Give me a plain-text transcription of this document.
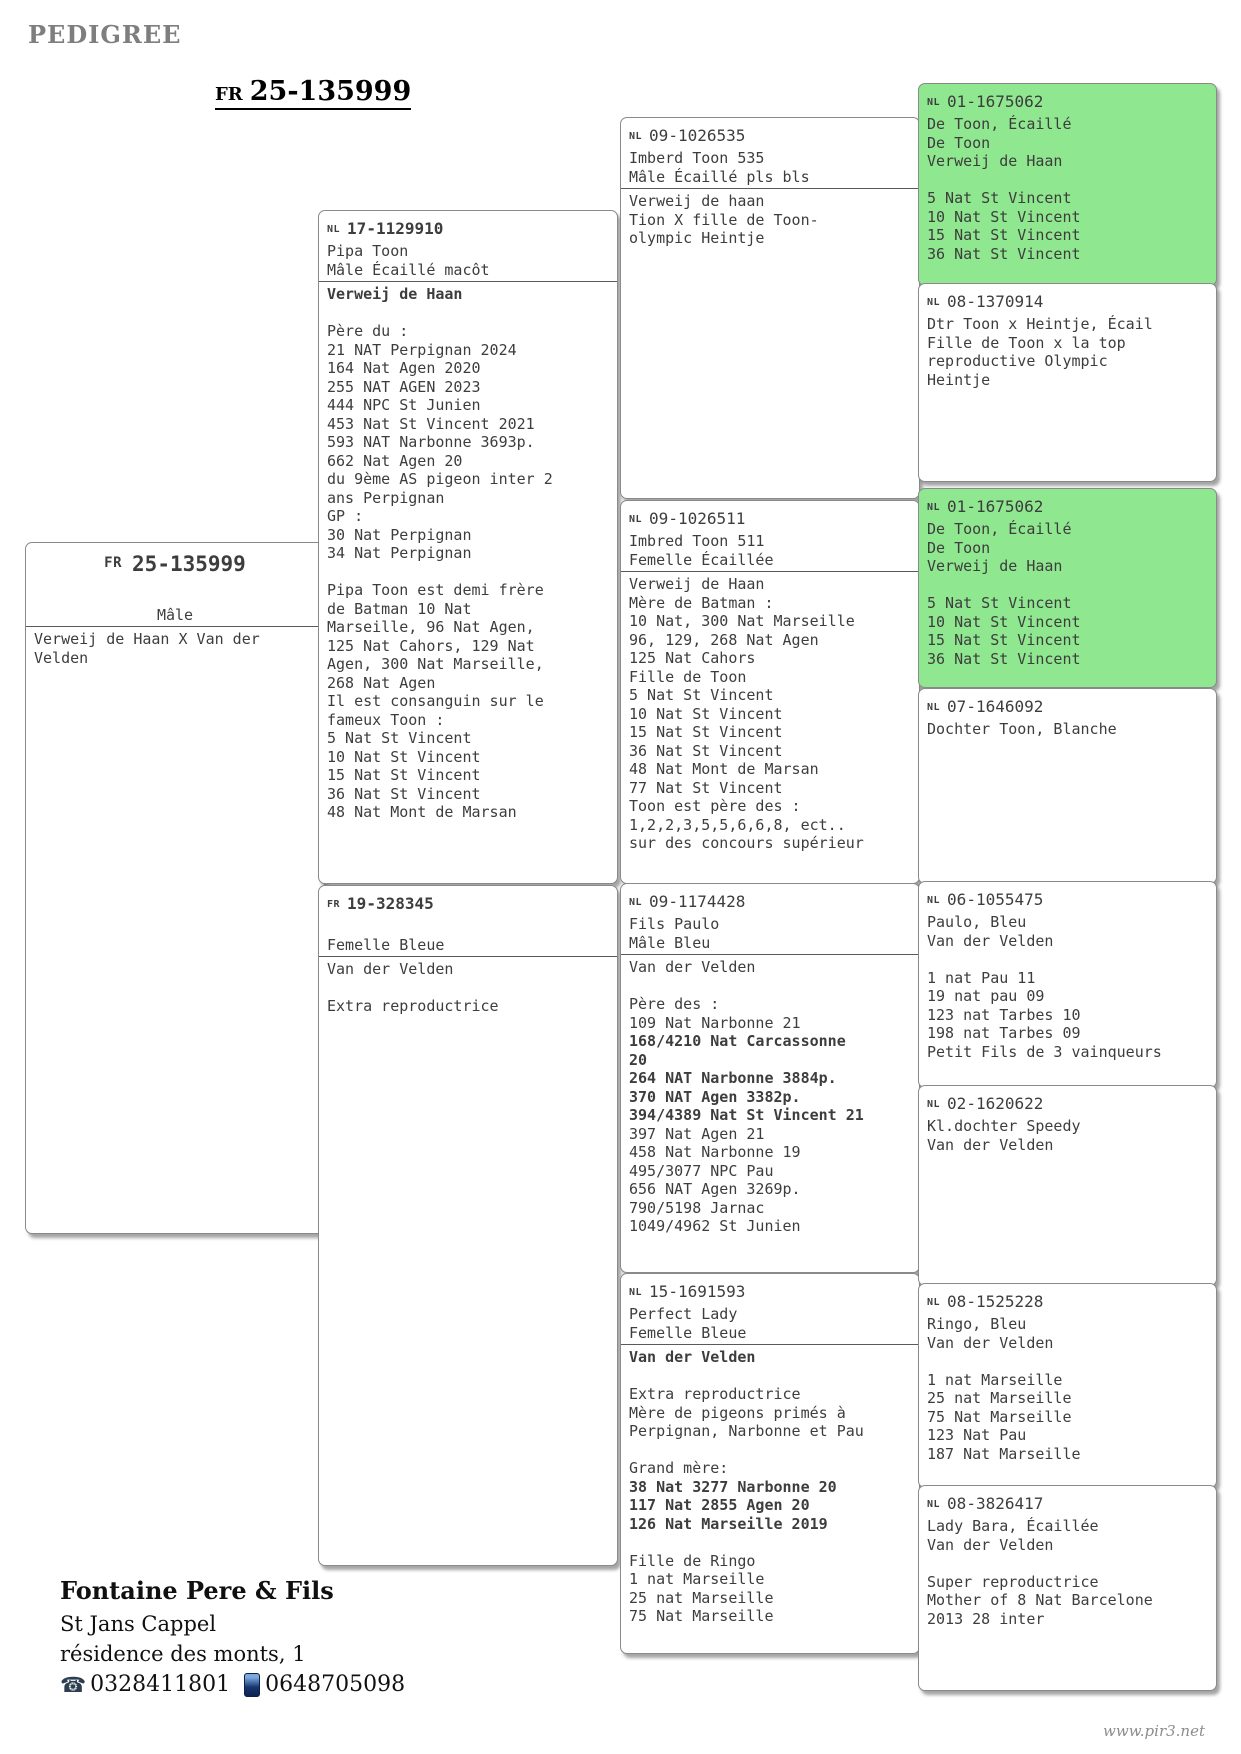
PEDIGREE
FR 25-135999
FR 25-135999

Mâle
Verweij de Haan X Van der Velden
NL 17-1129910
Pipa Toon
Mâle Écaillé macôt
Verweij de Haan

Père du :
21 NAT Perpignan 2024
164 Nat Agen 2020
255 NAT AGEN 2023
444 NPC St Junien
453 Nat St Vincent 2021
593 NAT Narbonne 3693p.
662 Nat Agen 20
du 9ème AS pigeon inter 2
ans Perpignan
GP :
30 Nat Perpignan
34 Nat Perpignan

Pipa Toon est demi frère
de Batman 10 Nat
Marseille, 96 Nat Agen,
125 Nat Cahors, 129 Nat
Agen, 300 Nat Marseille,
268 Nat Agen
Il est consanguin sur le
fameux Toon :
5 Nat St Vincent
10 Nat St Vincent
15 Nat St Vincent
36 Nat St Vincent
48 Nat Mont de Marsan
FR 19-328345

Femelle Bleue
Van der Velden

Extra reproductrice
NL 09-1026535
Imberd Toon 535
Mâle Écaillé pls bls
Verweij de haan
Tion X fille de Toon-
olympic Heintje
NL 09-1026511
Imbred Toon 511
Femelle Écaillée
Verweij de Haan
Mère de Batman :
10 Nat, 300 Nat Marseille
96, 129, 268 Nat Agen
125 Nat Cahors
Fille de Toon
5 Nat St Vincent
10 Nat St Vincent
15 Nat St Vincent
36 Nat St Vincent
48 Nat Mont de Marsan
77 Nat St Vincent
Toon est père des :
1,2,2,3,5,5,6,6,8, ect..
sur des concours supérieur
NL 09-1174428
Fils Paulo
Mâle Bleu
Van der Velden

Père des :
109 Nat Narbonne 21
168/4210 Nat Carcassonne
20
264 NAT Narbonne 3884p.
370 NAT Agen 3382p.
394/4389 Nat St Vincent 21
397 Nat Agen 21
458 Nat Narbonne 19
495/3077 NPC Pau
656 NAT Agen 3269p.
790/5198 Jarnac
1049/4962 St Junien
NL 15-1691593
Perfect Lady
Femelle Bleue
Van der Velden

Extra reproductrice
Mère de pigeons primés à
Perpignan, Narbonne et Pau

Grand mère:
38 Nat 3277 Narbonne 20
117 Nat 2855 Agen 20
126 Nat Marseille 2019

Fille de Ringo
1 nat Marseille
25 nat Marseille
75 Nat Marseille
NL 01-1675062
De Toon, Écaillé
De Toon
Verweij de Haan

5 Nat St Vincent
10 Nat St Vincent
15 Nat St Vincent
36 Nat St Vincent
NL 08-1370914
Dtr Toon x Heintje, Écail
Fille de Toon x la top
reproductive Olympic
Heintje
NL 01-1675062
De Toon, Écaillé
De Toon
Verweij de Haan

5 Nat St Vincent
10 Nat St Vincent
15 Nat St Vincent
36 Nat St Vincent
NL 07-1646092
Dochter Toon, Blanche
NL 06-1055475
Paulo, Bleu
Van der Velden

1 nat Pau 11
19 nat pau 09
123 nat Tarbes 10
198 nat Tarbes 09
Petit Fils de 3 vainqueurs
NL 02-1620622
Kl.dochter Speedy
Van der Velden
NL 08-1525228
Ringo, Bleu
Van der Velden

1 nat Marseille
25 nat Marseille
75 Nat Marseille
123 Nat Pau
187 Nat Marseille
NL 08-3826417
Lady Bara, Écaillée
Van der Velden

Super reproductrice
Mother of 8 Nat Barcelone
2013 28 inter
Fontaine Pere & Fils
St Jans Cappel
résidence des monts, 1
☎ 0328411801 0648705098
www.pir3.net
